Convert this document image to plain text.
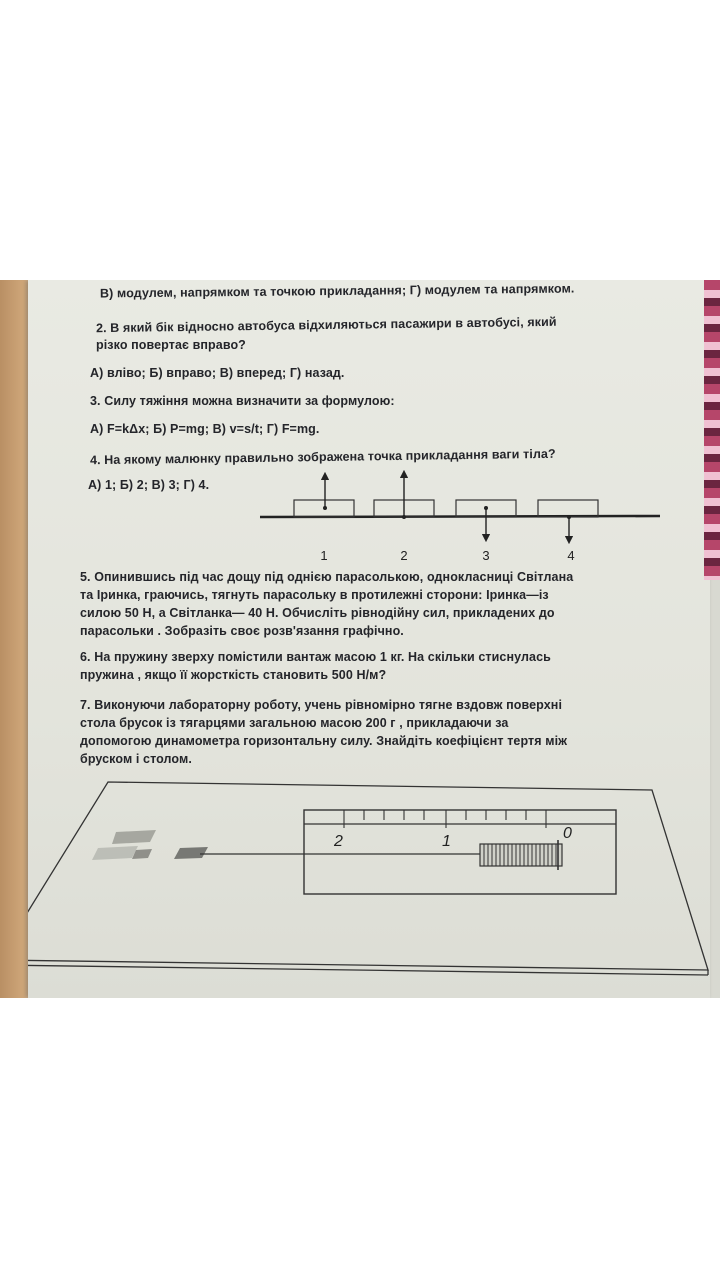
В) модулем, напрямком та точкою прикладання; Г) модулем та напрямком.
2. В який бік відносно автобуса відхиляються пасажири в автобусі, який
різко повертає вправо?
А) вліво; Б) вправо; В) вперед; Г) назад.
3. Силу тяжіння можна визначити за формулою:
А) F=kΔx; Б) P=mg; В) v=s/t; Г) F=mg.
4. На якому малюнку правильно зображена точка прикладання ваги тіла?
А) 1; Б) 2; В) 3; Г) 4.
1	2	3	4
5. Опинившись під час дощу під однією парасолькою, однокласниці Світлана
та Іринка, граючись, тягнуть парасольку в протилежні сторони: Іринка—із
силою 50 Н, а Світланка— 40 Н. Обчисліть рівнодійну сил, прикладених до
парасольки . Зобразіть своє розв'язання графічно.
6. На пружину зверху помістили вантаж масою 1 кг. На скільки стиснулась
пружина , якщо її жорсткість становить 500 Н/м?
7. Виконуючи лабораторну роботу, учень рівномірно тягне вздовж поверхні
стола брусок із тягарцями загальною масою 200 г , прикладаючи за
допомогою динамометра горизонтальну силу. Знайдіть коефіцієнт тертя між
бруском і столом.
2	1	0
